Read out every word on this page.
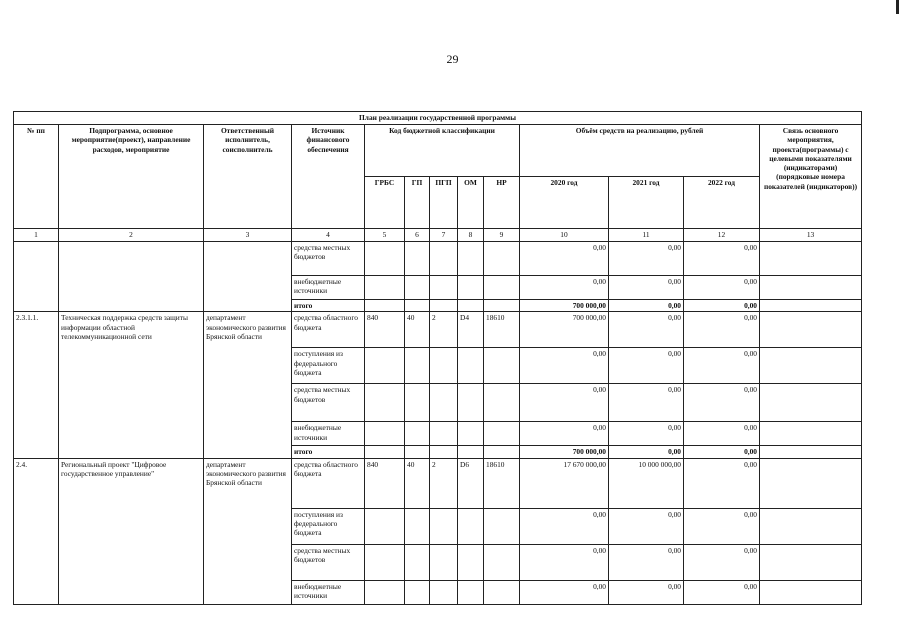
29
План реализации государственной программы												
№ пп	Подпрограмма, основное мероприятие(проект), направление расходов, мероприятие	Ответственный исполнитель, соисполнитель	Источник финансового обеспечения	Код бюджетной классификации					Объём средств на реализацию, рублей			Связь основного мероприятия, проекта(программы) с целевыми показателями (индикаторами) (порядковые номера показателей (индикаторов))
				ГРБС	ГП	ПГП	ОМ	НР	2020 год	2021 год	2022 год	
1	2	3	4	5	6	7	8	9	10	11	12	13
			средства местных бюджетов						0,00	0,00	0,00	
			внебюджетные источники						0,00	0,00	0,00	
			итого						700 000,00	0,00	0,00	
2.3.1.1.	Техническая поддержка средств защиты информации областной телекоммуникационной сети	департамент экономического развития Брянской области	средства областного бюджета	840	40	2	D4	18610	700 000,00	0,00	0,00	
			поступления из федерального бюджета						0,00	0,00	0,00	
			средства местных бюджетов						0,00	0,00	0,00	
			внебюджетные источники						0,00	0,00	0,00	
			итого						700 000,00	0,00	0,00	
2.4.	Региональный проект "Цифровое государственное управление"	департамент экономического развития Брянской области	средства областного бюджета	840	40	2	D6	18610	17 670 000,00	10 000 000,00	0,00	
			поступления из федерального бюджета						0,00	0,00	0,00	
			средства местных бюджетов						0,00	0,00	0,00	
			внебюджетные источники						0,00	0,00	0,00	
